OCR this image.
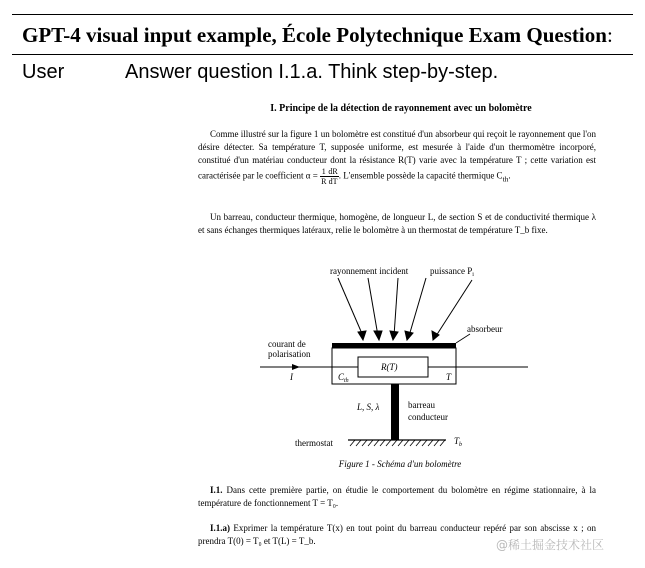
GPT-4 visual input example, École Polytechnique Exam Question:
User	Answer question I.1.a. Think step-by-step.
I. Principe de la détection de rayonnement avec un bolomètre
Comme illustré sur la figure 1 un bolomètre est constitué d'un absorbeur qui reçoit le rayonnement que l'on désire détecter. Sa température T, supposée uniforme, est mesurée à l'aide d'un thermomètre incorporé, constitué d'un matériau conducteur dont la résistance R(T) varie avec la température T ; cette variation est caractérisée par le coefficient $\alpha = \frac{1}{R} \frac{dR}{dT}$ . L'ensemble possède la capacité thermique $C_{th}$.
Un barreau, conducteur thermique, homogène, de longueur L, de section S et de conductivité thermique λ et sans échanges thermiques latéraux, relie le bolomètre à un thermostat de température T_b fixe.
rayonnement incident puissance $P_i$
absorbeur
R(T)
$C_{th}$	T
I
courant de
polarisation
L, S, λ	barreau
conducteur
thermostat	$T_b$
Figure 1 - Schéma d'un bolomètre
I.1. Dans cette première partie, on étudie le comportement du bolomètre en régime stationnaire, à la température de fonctionnement T = T₀.
I.1.a) Exprimer la température T(x) en tout point du barreau conducteur repéré par son abscisse x ; on prendra T(0) = T₀ et T(L) = T_b.	@稀土掘金技术社区
